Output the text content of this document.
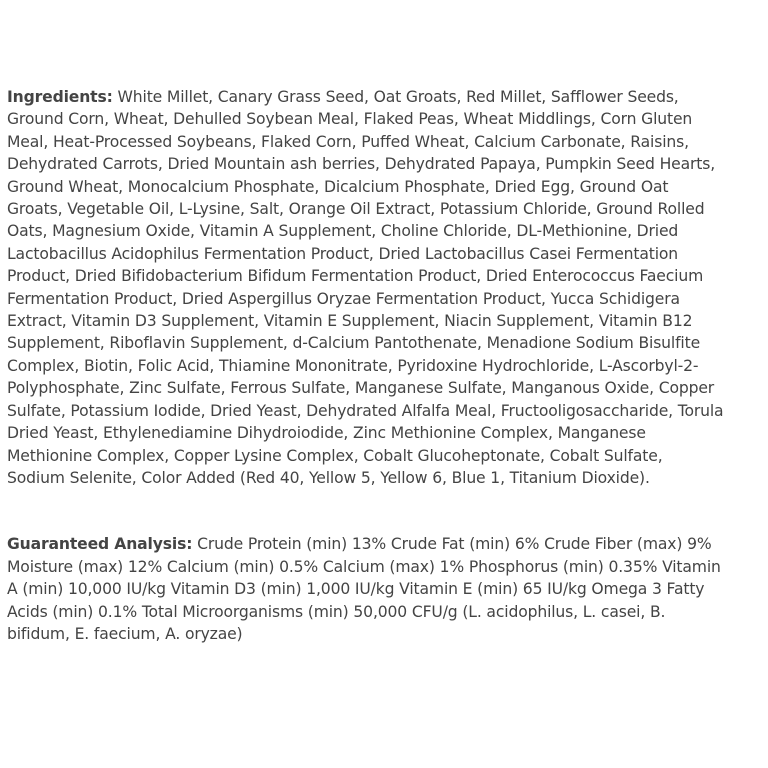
Ingredients: White Millet, Canary Grass Seed, Oat Groats, Red Millet, Safflower Seeds, Ground Corn, Wheat, Dehulled Soybean Meal, Flaked Peas, Wheat Middlings, Corn Gluten Meal, Heat-Processed Soybeans, Flaked Corn, Puffed Wheat, Calcium Carbonate, Raisins, Dehydrated Carrots, Dried Mountain ash berries, Dehydrated Papaya, Pumpkin Seed Hearts, Ground Wheat, Monocalcium Phosphate, Dicalcium Phosphate, Dried Egg, Ground Oat Groats, Vegetable Oil, L-Lysine, Salt, Orange Oil Extract, Potassium Chloride, Ground Rolled Oats, Magnesium Oxide, Vitamin A Supplement, Choline Chloride, DL-Methionine, Dried Lactobacillus Acidophilus Fermentation Product, Dried Lactobacillus Casei Fermentation Product, Dried Bifidobacterium Bifidum Fermentation Product, Dried Enterococcus Faecium Fermentation Product, Dried Aspergillus Oryzae Fermentation Product, Yucca Schidigera Extract, Vitamin D3 Supplement, Vitamin E Supplement, Niacin Supplement, Vitamin B12 Supplement, Riboflavin Supplement, d-Calcium Pantothenate, Menadione Sodium Bisulfite Complex, Biotin, Folic Acid, Thiamine Mononitrate, Pyridoxine Hydrochloride, L-Ascorbyl-2-Polyphosphate, Zinc Sulfate, Ferrous Sulfate, Manganese Sulfate, Manganous Oxide, Copper Sulfate, Potassium Iodide, Dried Yeast, Dehydrated Alfalfa Meal, Fructooligosaccharide, Torula Dried Yeast, Ethylenediamine Dihydroiodide, Zinc Methionine Complex, Manganese Methionine Complex, Copper Lysine Complex, Cobalt Glucoheptonate, Cobalt Sulfate, Sodium Selenite, Color Added (Red 40, Yellow 5, Yellow 6, Blue 1, Titanium Dioxide).

Guaranteed Analysis: Crude Protein (min) 13% Crude Fat (min) 6% Crude Fiber (max) 9% Moisture (max) 12% Calcium (min) 0.5% Calcium (max) 1% Phosphorus (min) 0.35% Vitamin A (min) 10,000 IU/kg Vitamin D3 (min) 1,000 IU/kg Vitamin E (min) 65 IU/kg Omega 3 Fatty Acids (min) 0.1% Total Microorganisms (min) 50,000 CFU/g (L. acidophilus, L. casei, B. bifidum, E. faecium, A. oryzae)
